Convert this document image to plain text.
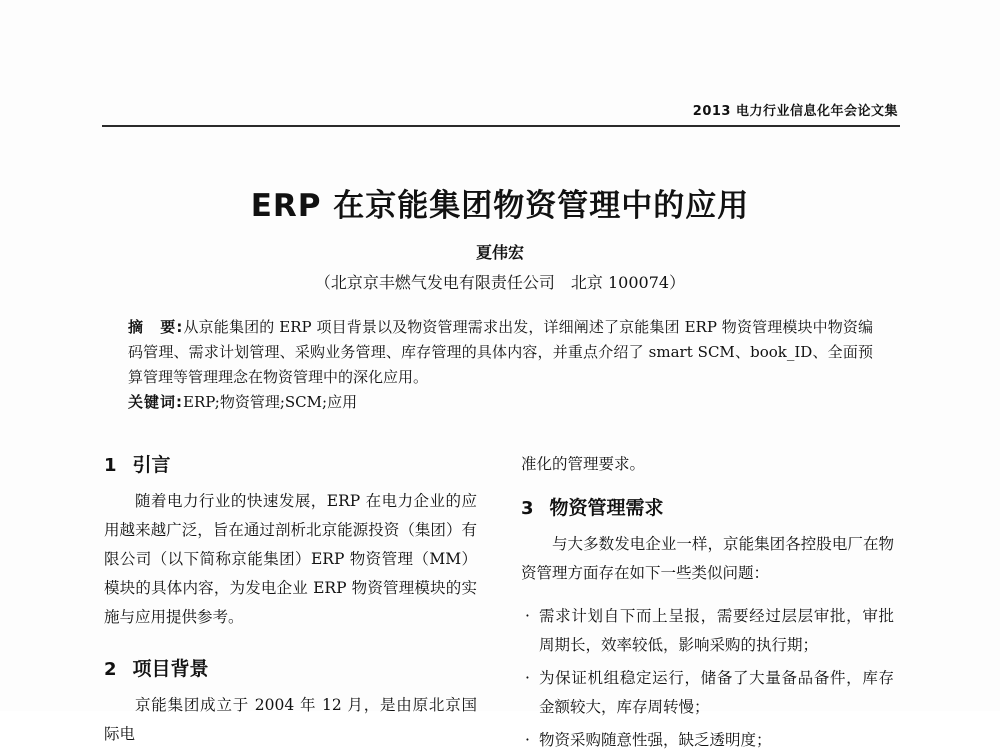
2013 电力行业信息化年会论文集
ERP 在京能集团物资管理中的应用
夏伟宏
（北京京丰燃气发电有限责任公司　北京 100074）

摘　要:从京能集团的 ERP 项目背景以及物资管理需求出发，详细阐述了京能集团 ERP 物资管理模块中物资编码管理、需求计划管理、采购业务管理、库存管理的具体内容，并重点介绍了 smart SCM、book_ID、全面预算管理等管理理念在物资管理中的深化应用。

关键词:ERP;物资管理;SCM;应用

1 引言

随着电力行业的快速发展，ERP 在电力企业的应用越来越广泛，旨在通过剖析北京能源投资（集团）有限公司（以下简称京能集团）ERP 物资管理（MM）模块的具体内容，为发电企业 ERP 物资管理模块的实施与应用提供参考。

2 项目背景

京能集团成立于 2004 年 12 月，是由原北京国际电

准化的管理要求。

3 物资管理需求

与大多数发电企业一样，京能集团各控股电厂在物资管理方面存在如下一些类似问题：

· 需求计划自下而上呈报，需要经过层层审批，审批周期长，效率较低，影响采购的执行期；
· 为保证机组稳定运行，储备了大量备品备件，库存金额较大，库存周转慢；
· 物资采购随意性强，缺乏透明度；
